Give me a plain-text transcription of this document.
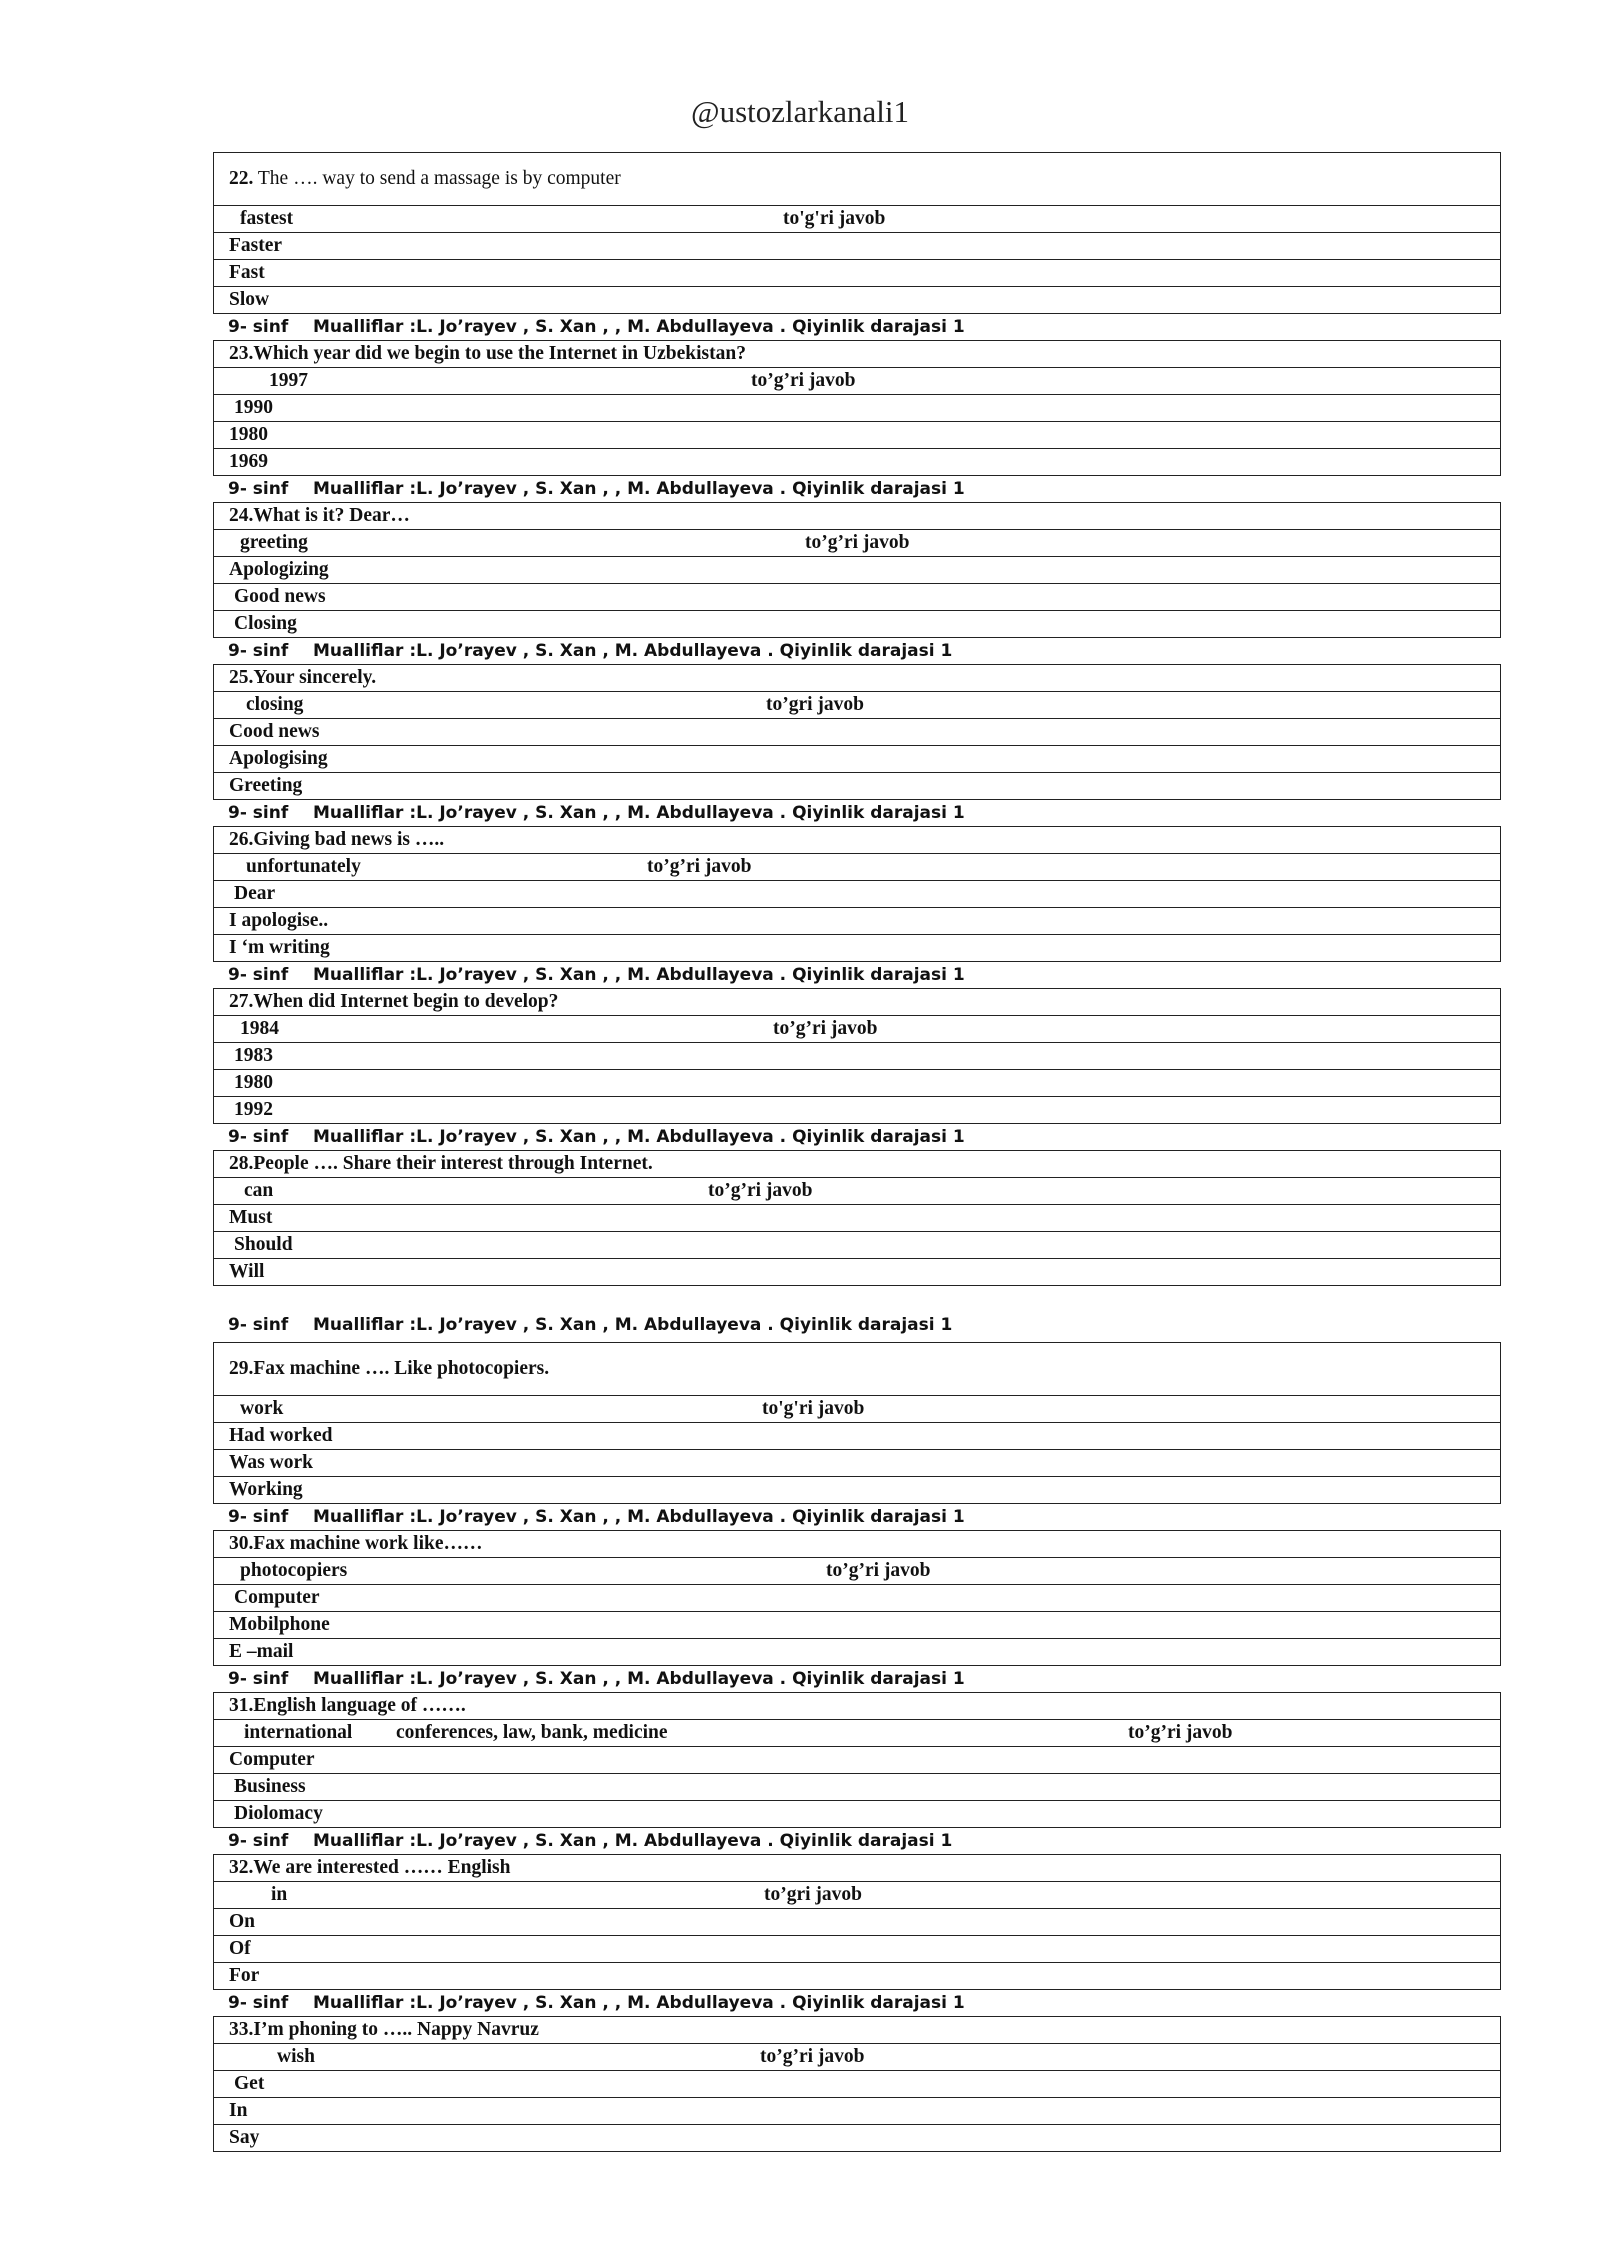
@ustozlarkanali1
22. The …. way to send a massage is by computer
fastest	to'g'ri javob
Faster
Fast
Slow
9- sinf Mualliflar :L. Jo’rayev , S. Xan , , M. Abdullayeva . Qiyinlik darajasi 1
23.Which year did we begin to use the Internet in Uzbekistan?
1997	to’g’ri javob
1990
1980
1969
9- sinf Mualliflar :L. Jo’rayev , S. Xan , , M. Abdullayeva . Qiyinlik darajasi 1
24.What is it? Dear…
greeting	to’g’ri javob
Apologizing
Good news
Closing
9- sinf Mualliflar :L. Jo’rayev , S. Xan , M. Abdullayeva . Qiyinlik darajasi 1
25.Your sincerely.
closing	to’gri javob
Cood news
Apologising
Greeting
9- sinf Mualliflar :L. Jo’rayev , S. Xan , , M. Abdullayeva . Qiyinlik darajasi 1
26.Giving bad news is …..
unfortunately	to’g’ri javob
Dear
I apologise..
I ‘m writing
9- sinf Mualliflar :L. Jo’rayev , S. Xan , , M. Abdullayeva . Qiyinlik darajasi 1
27.When did Internet begin to develop?
1984	to’g’ri javob
1983
1980
1992
9- sinf Mualliflar :L. Jo’rayev , S. Xan , , M. Abdullayeva . Qiyinlik darajasi 1
28.People …. Share their interest through Internet.
can	to’g’ri javob
Must
Should
Will
9- sinf Mualliflar :L. Jo’rayev , S. Xan , M. Abdullayeva . Qiyinlik darajasi 1
29.Fax machine …. Like photocopiers.
work	to'g'ri javob
Had worked
Was work
Working
9- sinf Mualliflar :L. Jo’rayev , S. Xan , , M. Abdullayeva . Qiyinlik darajasi 1
30.Fax machine work like……
photocopiers	to’g’ri javob
Computer
Mobilphone
E –mail
9- sinf Mualliflar :L. Jo’rayev , S. Xan , , M. Abdullayeva . Qiyinlik darajasi 1
31.English language of …….
international conferences, law, bank, medicine	to’g’ri javob
Computer
Business
Diolomacy
9- sinf Mualliflar :L. Jo’rayev , S. Xan , M. Abdullayeva . Qiyinlik darajasi 1
32.We are interested …… English
in	to’gri javob
On
Of
For
9- sinf Mualliflar :L. Jo’rayev , S. Xan , , M. Abdullayeva . Qiyinlik darajasi 1
33.I’m phoning to ….. Nappy Navruz
wish	to’g’ri javob
Get
In
Say
